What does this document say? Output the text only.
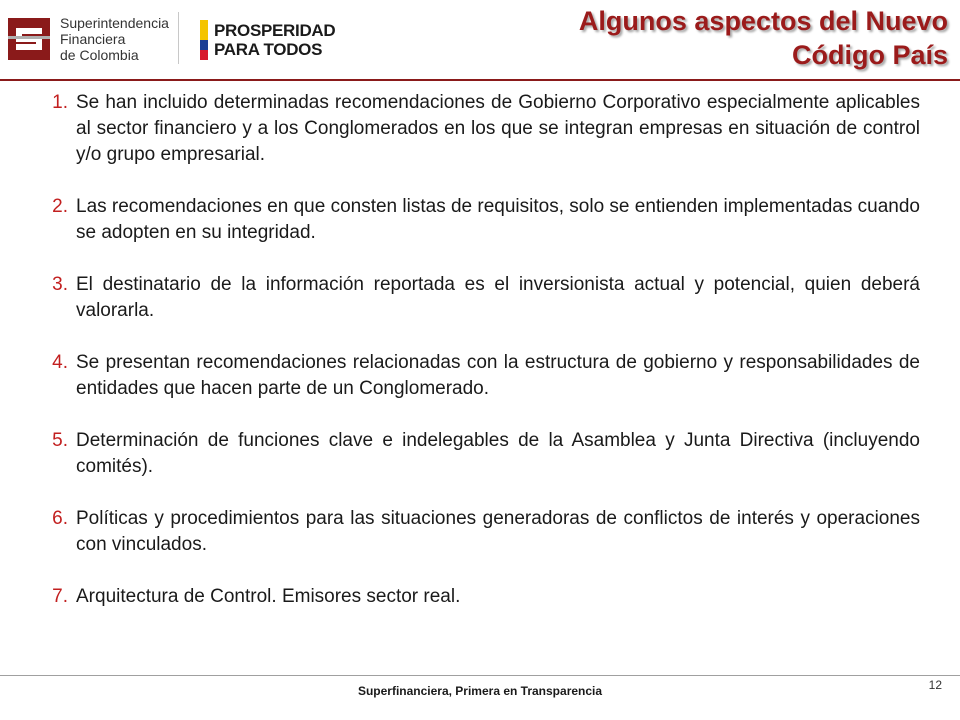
Superintendencia
Financiera
de Colombia
PROSPERIDAD
PARA TODOS
Algunos aspectos del Nuevo
Código País
1. Se han incluido determinadas recomendaciones de Gobierno Corporativo especialmente aplicables al sector financiero y a los Conglomerados en los que se integran empresas en situación de control y/o grupo empresarial.
2. Las recomendaciones en que consten listas de requisitos, solo se entienden implementadas cuando se adopten en su integridad.
3. El destinatario de la información reportada es el inversionista actual y potencial, quien deberá valorarla.
4. Se presentan recomendaciones relacionadas con la estructura de gobierno y responsabilidades de entidades que hacen parte de un Conglomerado.
5. Determinación de funciones clave e indelegables de la Asamblea y Junta Directiva (incluyendo comités).
6. Políticas y procedimientos para las situaciones generadoras de conflictos de interés y operaciones con vinculados.
7. Arquitectura de Control. Emisores sector real.
Superfinanciera, Primera en Transparencia	12
